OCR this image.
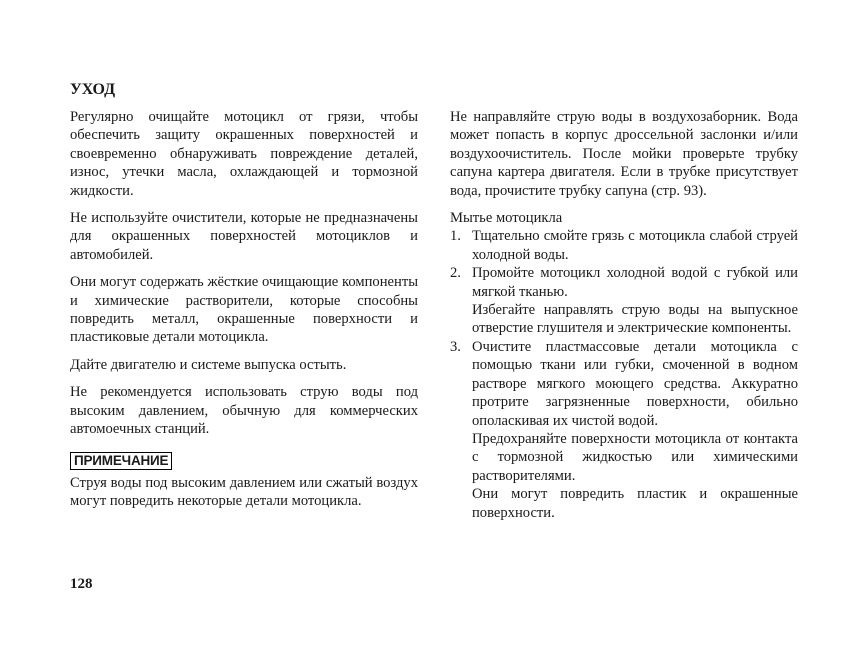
УХОД

Регулярно очищайте мотоцикл от грязи, чтобы обеспечить защиту окрашенных поверхностей и своевременно обнаруживать повреждение деталей, износ, утечки масла, охлаждающей и тормозной жидкости.

Не используйте очистители, которые не предназначены для окрашенных поверхностей мотоциклов и автомобилей.

Они могут содержать жёсткие очищающие компоненты и химические растворители, которые способны повредить металл, окрашенные поверхности и пластиковые детали мотоцикла.

Дайте двигателю и системе выпуска остыть.

Не рекомендуется использовать струю воды под высоким давлением, обычную для коммерческих автомоечных станций.

ПРИМЕЧАНИЕ

Струя воды под высоким давлением или сжатый воздух могут повредить некоторые детали мотоцикла.

128

Не направляйте струю воды в воздухозаборник. Вода может попасть в корпус дроссельной заслонки и/или воздухоочиститель. После мойки проверьте трубку сапуна картера двигателя. Если в трубке присутствует вода, прочистите трубку сапуна (стр. 93).

Мытье мотоцикла

1. Тщательно смойте грязь с мотоцикла слабой струей холодной воды.

2. Промойте мотоцикл холодной водой с губкой или мягкой тканью.

Избегайте направлять струю воды на выпускное отверстие глушителя и электрические компоненты.

3. Очистите пластмассовые детали мотоцикла с помощью ткани или губки, смоченной в водном растворе мягкого моющего средства. Аккуратно протрите загрязненные поверхности, обильно ополаскивая их чистой водой.

Предохраняйте поверхности мотоцикла от контакта с тормозной жидкостью или химическими растворителями.

Они могут повредить пластик и окрашенные поверхности.
